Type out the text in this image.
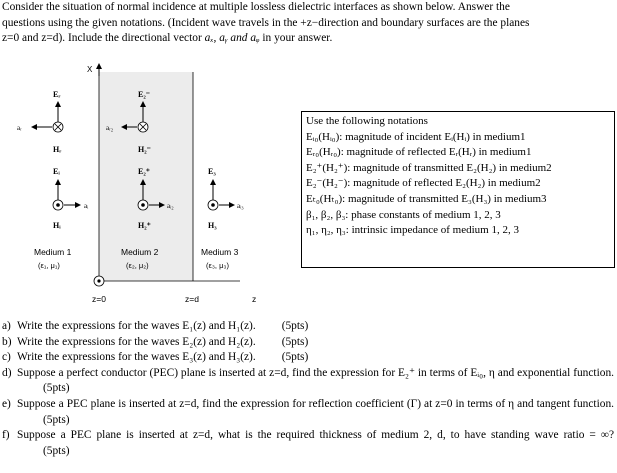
Consider the situation of normal incidence at multiple lossless dielectric interfaces as shown below. Answer the
questions using the given notations. (Incident wave travels in the +z−direction and boundary surfaces are the planes
z=0 and z=d). Include the directional vector aₓ, aᵧ and aᵩ in your answer.
X
z=0	z=d	z
Eᵣ
aᵣ
Hᵣ
Eᵢ
aᵢ
Hᵢ
E₂⁻
aᵣ₂
H₂⁻
E₂⁺
aᵢ₂
H₂⁺
E₃
aᵢ₃
H₃
Medium 1
(ε₁, μ₁)
Medium 2
(ε₂, μ₂)
Medium 3
(ε₃, μ₃)
Use the following notations
Eᵢ₀(Hᵢ₀): magnitude of incident Eᵢ(Hᵢ) in medium1
Eᵣ₀(Hᵣ₀): magnitude of reflected Eᵣ(Hᵣ) in medium1
E₂⁺(H₂⁺): magnitude of transmitted E₂(H₂) in medium2
E₂⁻(H₂⁻): magnitude of reflected E₂(H₂) in medium2
Eₜ₀(Hₜ₀): magnitude of transmitted E₃(H₃) in medium3
β₁, β₂, β₃: phase constants of medium 1, 2, 3
η₁, η₂, η₃: intrinsic impedance of medium 1, 2, 3
a) Write the expressions for the waves E₁(z) and H₁(z). (5pts)
b) Write the expressions for the waves E₂(z) and H₂(z). (5pts)
c) Write the expressions for the waves E₃(z) and H₃(z). (5pts)
d) Suppose a perfect conductor (PEC) plane is inserted at z=d, find the expression for E₂⁺ in terms of Eᵢ₀, η and exponential function.(5pts)
e) Suppose a PEC plane is inserted at z=d, find the expression for reflection coefficient (Γ) at z=0 in terms of η and tangent function.(5pts)
f) Suppose a PEC plane is inserted at z=d, what is the required thickness of medium 2, d, to have standing wave ratio = ∞?(5pts)
